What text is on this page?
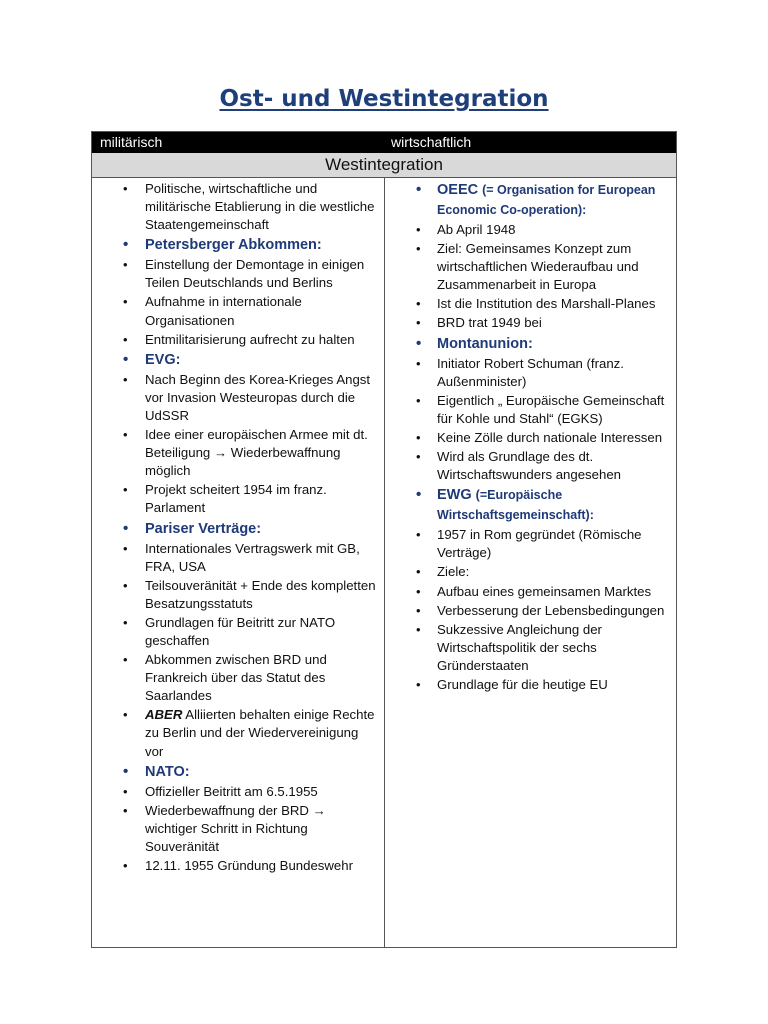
Ost- und Westintegration
militärisch	wirtschaftlich
Westintegration
• Politische, wirtschaftliche und militärische Etablierung in die westliche Staatengemeinschaft
• Petersberger Abkommen:
• Einstellung der Demontage in einigen Teilen Deutschlands und Berlins
• Aufnahme in internationale Organisationen
• Entmilitarisierung aufrecht zu halten
• EVG:
• Nach Beginn des Korea-Krieges Angst vor Invasion Westeuropas durch die UdSSR
• Idee einer europäischen Armee mit dt. Beteiligung → Wiederbewaffnung möglich
• Projekt scheitert 1954 im franz. Parlament
• Pariser Verträge:
• Internationales Vertragswerk mit GB, FRA, USA
• Teilsouveränität + Ende des kompletten Besatzungsstatuts
• Grundlagen für Beitritt zur NATO geschaffen
• Abkommen zwischen BRD und Frankreich über das Statut des Saarlandes
• ABER Alliierten behalten einige Rechte zu Berlin und der Wiedervereinigung vor
• NATO:
• Offizieller Beitritt am 6.5.1955
• Wiederbewaffnung der BRD → wichtiger Schritt in Richtung Souveränität
• 12.11. 1955 Gründung Bundeswehr
• OEEC (= Organisation for European Economic Co-operation):
• Ab April 1948
• Ziel: Gemeinsames Konzept zum wirtschaftlichen Wiederaufbau und Zusammenarbeit in Europa
• Ist die Institution des Marshall-Planes
• BRD trat 1949 bei
• Montanunion:
• Initiator Robert Schuman (franz. Außenminister)
• Eigentlich „ Europäische Gemeinschaft für Kohle und Stahl“ (EGKS)
• Keine Zölle durch nationale Interessen
• Wird als Grundlage des dt. Wirtschaftswunders angesehen
• EWG (=Europäische Wirtschaftsgemeinschaft):
• 1957 in Rom gegründet (Römische Verträge)
• Ziele:
• Aufbau eines gemeinsamen Marktes
• Verbesserung der Lebensbedingungen
• Sukzessive Angleichung der Wirtschaftspolitik der sechs Gründerstaaten
• Grundlage für die heutige EU
